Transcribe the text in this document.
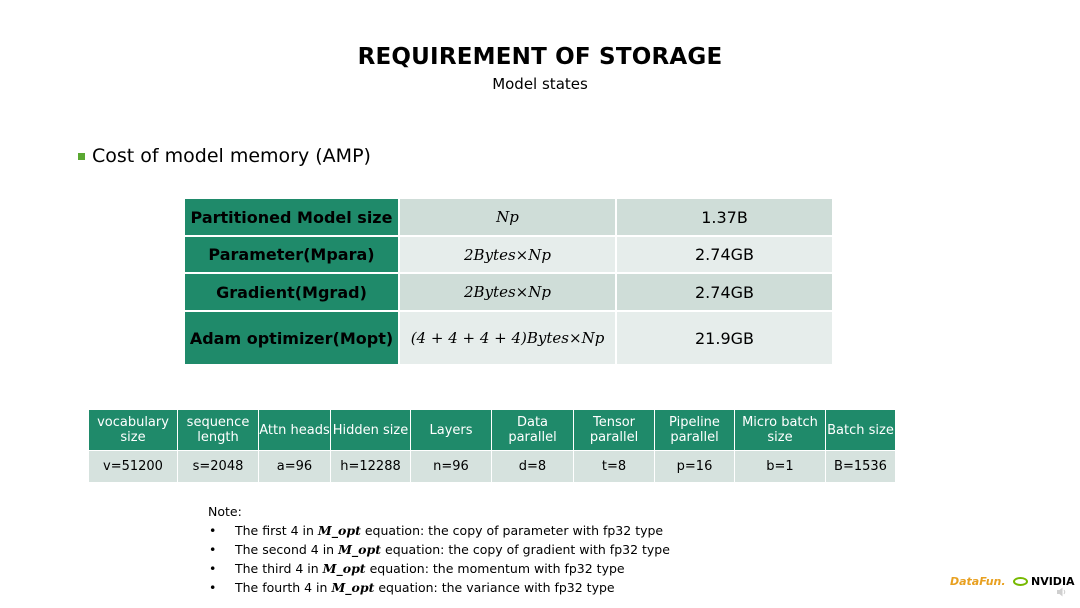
REQUIREMENT OF STORAGE
Model states
Cost of model memory (AMP)
Partitioned Model size	Np	1.37B
Parameter(Mpara)	2Bytes×Np	2.74GB
Gradient(Mgrad)	2Bytes×Np	2.74GB
Adam optimizer(Mopt)	(4 + 4 + 4 + 4)Bytes×Np	21.9GB
vocabulary size	sequence length	Attn heads	Hidden size	Layers	Data parallel	Tensor parallel	Pipeline parallel	Micro batch size	Batch size
v=51200	s=2048	a=96	h=12288	n=96	d=8	t=8	p=16	b=1	B=1536
Note:
•	The first 4 in M_opt equation: the copy of parameter with fp32 type
•	The second 4 in M_opt equation: the copy of gradient with fp32 type
•	The third 4 in M_opt equation: the momentum with fp32 type
•	The fourth 4 in M_opt equation: the variance with fp32 type	DataFun. NVIDIA
